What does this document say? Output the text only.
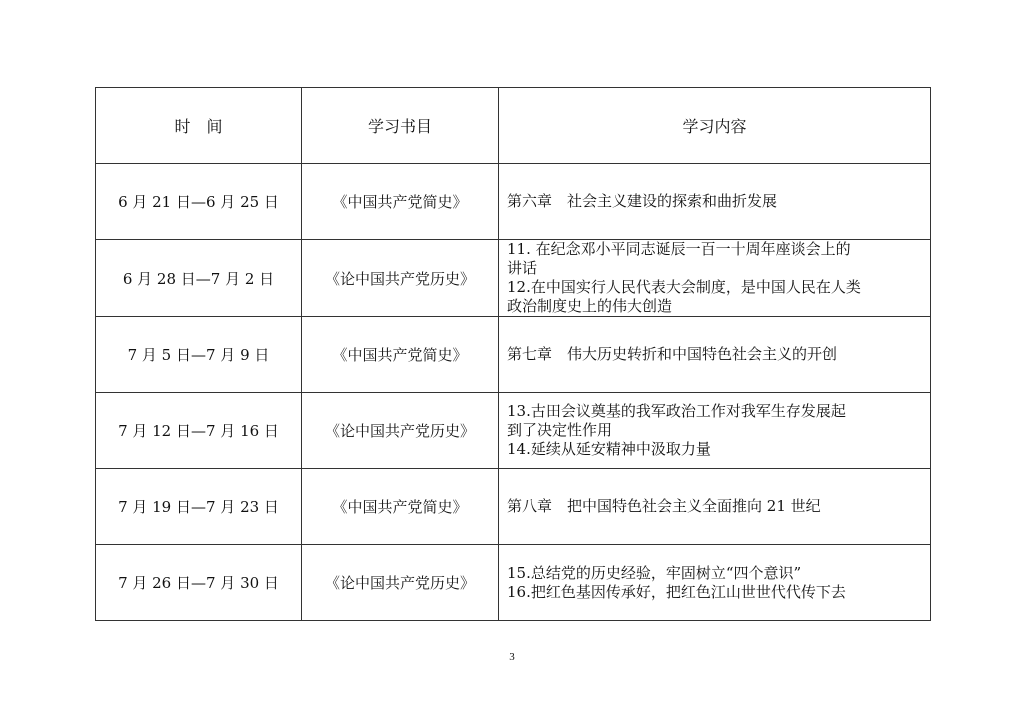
时　间	学习书目	学习内容
6 月 21 日—6 月 25 日	《中国共产党简史》	第六章　社会主义建设的探索和曲折发展

6 月 28 日—7 月 2 日	《论中国共产党历史》	11. 在纪念邓小平同志诞辰一百一十周年座谈会上的
讲话
12.在中国实行人民代表大会制度，是中国人民在人类
政治制度史上的伟大创造

7 月 5 日—7 月 9 日	《中国共产党简史》	第七章　伟大历史转折和中国特色社会主义的开创

7 月 12 日—7 月 16 日	《论中国共产党历史》	13.古田会议奠基的我军政治工作对我军生存发展起
到了决定性作用
14.延续从延安精神中汲取力量

7 月 19 日—7 月 23 日	《中国共产党简史》	第八章　把中国特色社会主义全面推向 21 世纪

7 月 26 日—7 月 30 日	《论中国共产党历史》	15.总结党的历史经验，牢固树立“四个意识”
16.把红色基因传承好，把红色江山世世代代传下去
3
